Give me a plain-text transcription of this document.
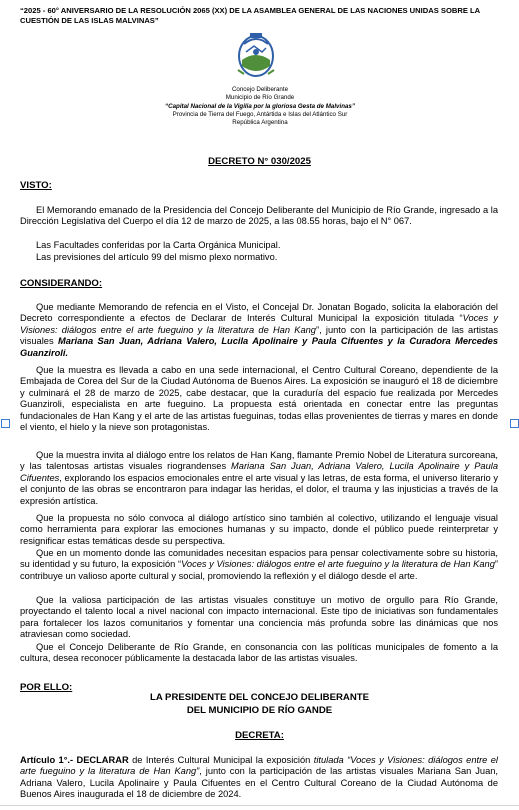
“2025 - 60° ANIVERSARIO DE LA RESOLUCIÓN 2065 (XX) DE LA ASAMBLEA GENERAL DE LAS NACIONES UNIDAS SOBRE LA CUESTIÓN DE LAS ISLAS MALVINAS”
Concejo Deliberante
Municipio de Río Grande
“Capital Nacional de la Vigilia por la gloriosa Gesta de Malvinas”
Provincia de Tierra del Fuego, Antártida e Islas del Atlántico Sur
República Argentina
DECRETO N° 030/2025
VISTO:
El Memorando emanado de la Presidencia del Concejo Deliberante del Municipio de Río Grande, ingresado a la Dirección Legislativa del Cuerpo el día 12 de marzo de 2025, a las 08.55 horas, bajo el N° 067.
Las Facultades conferidas por la Carta Orgánica Municipal.
Las previsiones del artículo 99 del mismo plexo normativo.
CONSIDERANDO:
Que mediante Memorando de refencia en el Visto, el Concejal Dr. Jonatan Bogado, solicita la elaboración del Decreto correspondiente a efectos de Declarar de Interés Cultural Municipal la exposición titulada “Voces y Visiones: diálogos entre el arte fueguino y la literatura de Han Kang”, junto con la participación de las artistas visuales Mariana San Juan, Adriana Valero, Lucila Apolinaire y Paula Cifuentes y la Curadora Mercedes Guanziroli.
Que la muestra es llevada a cabo en una sede internacional, el Centro Cultural Coreano, dependiente de la Embajada de Corea del Sur de la Ciudad Autónoma de Buenos Aires. La exposición se inauguró el 18 de diciembre y culminará el 28 de marzo de 2025, cabe destacar, que la curaduría del espacio fue realizada por Mercedes Guanziroli, especialista en arte fueguino. La propuesta está orientada en conectar entre las preguntas fundacionales de Han Kang y el arte de las artistas fueguinas, todas ellas provenientes de tierras y mares en donde el viento, el hielo y la nieve son protagonistas.
Que la muestra invita al diálogo entre los relatos de Han Kang, flamante Premio Nobel de Literatura surcoreana, y las talentosas artistas visuales riograndenses Mariana San Juan, Adriana Valero, Lucila Apolinaire y Paula Cifuentes, explorando los espacios emocionales entre el arte visual y las letras, de esta forma, el universo literario y el conjunto de las obras se encontraron para indagar las heridas, el dolor, el trauma y las injusticias a través de la expresión artística.
Que la propuesta no sólo convoca al diálogo artístico sino también al colectivo, utilizando el lenguaje visual como herramienta para explorar las emociones humanas y su impacto, donde el público puede reinterpretar y resignificar estas temáticas desde su perspectiva.
Que en un momento donde las comunidades necesitan espacios para pensar colectivamente sobre su historia, su identidad y su futuro, la exposición “Voces y Visiones: diálogos entre el arte fueguino y la literatura de Han Kang” contribuye un valioso aporte cultural y social, promoviendo la reflexión y el diálogo desde el arte.
Que la valiosa participación de las artistas visuales constituye un motivo de orgullo para Río Grande, proyectando el talento local a nivel nacional con impacto internacional. Este tipo de iniciativas son fundamentales para fortalecer los lazos comunitarios y fomentar una conciencia más profunda sobre las dinámicas que nos atraviesan como sociedad.
Que el Concejo Deliberante de Río Grande, en consonancia con las políticas municipales de fomento a la cultura, desea reconocer públicamente la destacada labor de las artistas visuales.
POR ELLO:
LA PRESIDENTE DEL CONCEJO DELIBERANTE
DEL MUNICIPIO DE RÍO GANDE
DECRETA:
Artículo 1°.- DECLARAR de Interés Cultural Municipal la exposición titulada “Voces y Visiones: diálogos entre el arte fueguino y la literatura de Han Kang”, junto con la participación de las artistas visuales Mariana San Juan, Adriana Valero, Lucila Apolinaire y Paula Cifuentes en el Centro Cultural Coreano de la Ciudad Autónoma de Buenos Aires inaugurada el 18 de diciembre de 2024.
